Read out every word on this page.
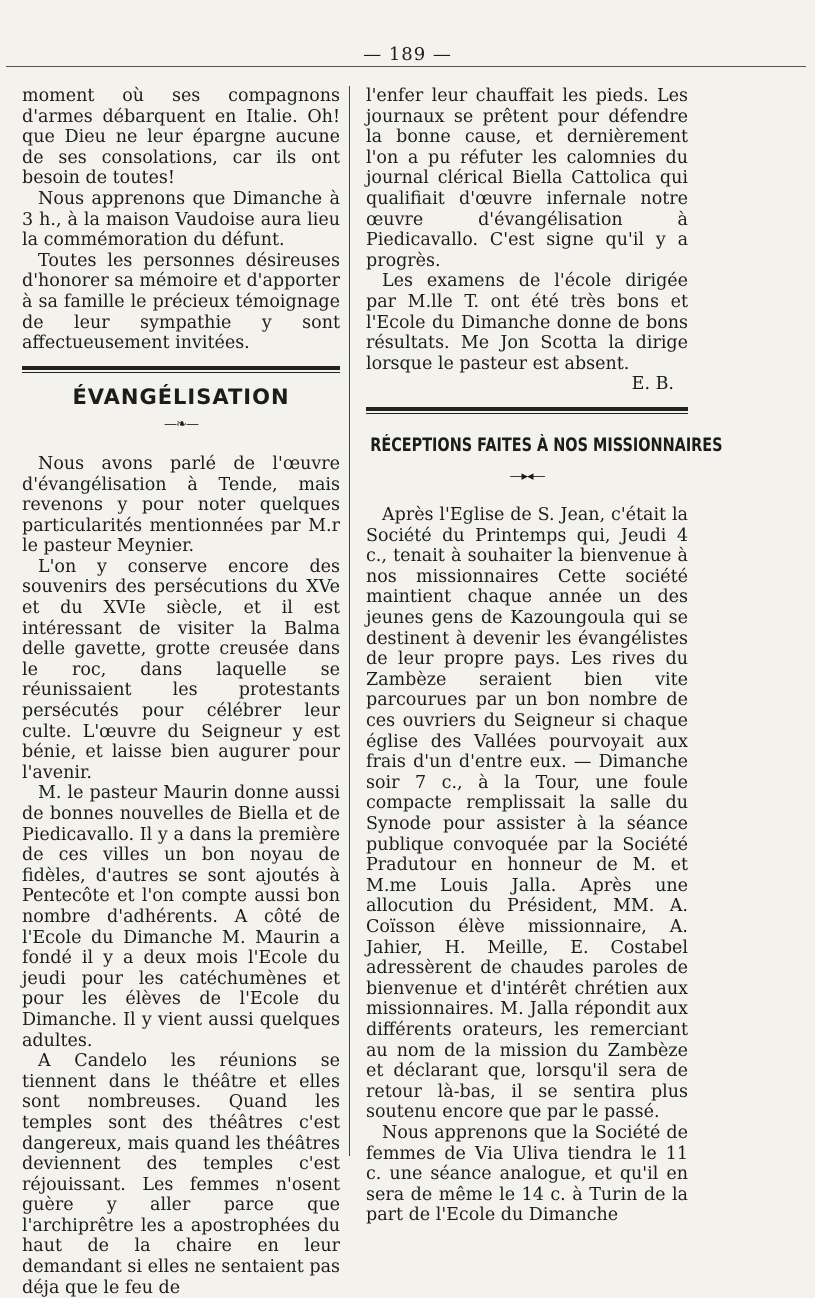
— 189 —

moment où ses compagnons d'armes débarquent en Italie. Oh! que Dieu ne leur épargne aucune de ses consolations, car ils ont besoin de toutes!

Nous apprenons que Dimanche à 3 h., à la maison Vaudoise aura lieu la commémoration du défunt.

Toutes les personnes désireuses d'honorer sa mémoire et d'apporter à sa famille le précieux témoignage de leur sympathie y sont affectueusement invitées.

ÉVANGÉLISATION
—❧—

Nous avons parlé de l'œuvre d'évangélisation à Tende, mais revenons y pour noter quelques particularités mentionnées par M.r le pasteur Meynier.

L'on y conserve encore des souvenirs des persécutions du XVe et du XVIe siècle, et il est intéressant de visiter la Balma delle gavette, grotte creusée dans le roc, dans laquelle se réunissaient les protestants persécutés pour célébrer leur culte. L'œuvre du Seigneur y est bénie, et laisse bien augurer pour l'avenir.

M. le pasteur Maurin donne aussi de bonnes nouvelles de Biella et de Piedicavallo. Il y a dans la première de ces villes un bon noyau de fidèles, d'autres se sont ajoutés à Pentecôte et l'on compte aussi bon nombre d'adhérents. A côté de l'Ecole du Dimanche M. Maurin a fondé il y a deux mois l'Ecole du jeudi pour les catéchumènes et pour les élèves de l'Ecole du Dimanche. Il y vient aussi quelques adultes.

A Candelo les réunions se tiennent dans le théâtre et elles sont nombreuses. Quand les temples sont des théâtres c'est dangereux, mais quand les théâtres deviennent des temples c'est réjouissant. Les femmes n'osent guère y aller parce que l'archiprêtre les a apostrophées du haut de la chaire en leur demandant si elles ne sentaient pas déja que le feu de

l'enfer leur chauffait les pieds. Les journaux se prêtent pour défendre la bonne cause, et dernièrement l'on a pu réfuter les calomnies du journal clérical Biella Cattolica qui qualifiait d'œuvre infernale notre œuvre d'évangélisation à Piedicavallo. C'est signe qu'il y a progrès.

Les examens de l'école dirigée par M.lle T. ont été très bons et l'Ecole du Dimanche donne de bons résultats. Me Jon Scotta la dirige lorsque le pasteur est absent.

E. B.

RÉCEPTIONS FAITES À NOS MISSIONNAIRES
—▸◂—

Après l'Eglise de S. Jean, c'était la Société du Printemps qui, Jeudi 4 c., tenait à souhaiter la bienvenue à nos missionnaires Cette société maintient chaque année un des jeunes gens de Kazoungoula qui se destinent à devenir les évangélistes de leur propre pays. Les rives du Zambèze seraient bien vite parcourues par un bon nombre de ces ouvriers du Seigneur si chaque église des Vallées pourvoyait aux frais d'un d'entre eux. — Dimanche soir 7 c., à la Tour, une foule compacte remplissait la salle du Synode pour assister à la séance publique convoquée par la Société Pradutour en honneur de M. et M.me Louis Jalla. Après une allocution du Président, MM. A. Coïsson élève missionnaire, A. Jahier, H. Meille, E. Costabel adressèrent de chaudes paroles de bienvenue et d'intérêt chrétien aux missionnaires. M. Jalla répondit aux différents orateurs, les remerciant au nom de la mission du Zambèze et déclarant que, lorsqu'il sera de retour là-bas, il se sentira plus soutenu encore que par le passé.

Nous apprenons que la Société de femmes de Via Uliva tiendra le 11 c. une séance analogue, et qu'il en sera de même le 14 c. à Turin de la part de l'Ecole du Dimanche
